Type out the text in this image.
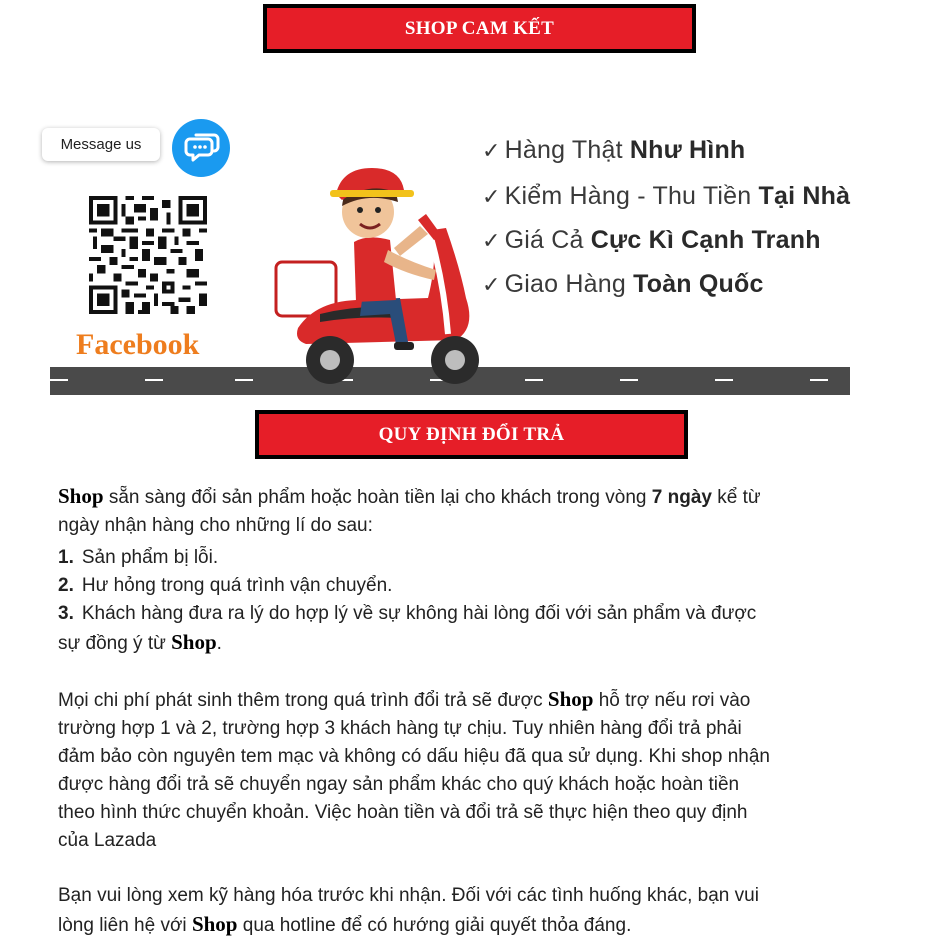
SHOP CAM KẾT
Message us
Facebook
✓ Hàng Thật Như Hình
✓ Kiểm Hàng - Thu Tiền Tại Nhà
✓ Giá Cả Cực Kì Cạnh Tranh
✓ Giao Hàng Toàn Quốc
QUY ĐỊNH ĐỔI TRẢ
Shop sẵn sàng đổi sản phẩm hoặc hoàn tiền lại cho khách trong vòng 7 ngày kể từ
ngày nhận hàng cho những lí do sau:
1. Sản phẩm bị lỗi.
2. Hư hỏng trong quá trình vận chuyển.
3. Khách hàng đưa ra lý do hợp lý về sự không hài lòng đối với sản phẩm và được
sự đồng ý từ Shop.
Mọi chi phí phát sinh thêm trong quá trình đổi trả sẽ được Shop hỗ trợ nếu rơi vào
trường hợp 1 và 2, trường hợp 3 khách hàng tự chịu. Tuy nhiên hàng đổi trả phải
đảm bảo còn nguyên tem mạc và không có dấu hiệu đã qua sử dụng. Khi shop nhận
được hàng đổi trả sẽ chuyển ngay sản phẩm khác cho quý khách hoặc hoàn tiền
theo hình thức chuyển khoản. Việc hoàn tiền và đổi trả sẽ thực hiện theo quy định
của Lazada
Bạn vui lòng xem kỹ hàng hóa trước khi nhận. Đối với các tình huống khác, bạn vui
lòng liên hệ với Shop qua hotline để có hướng giải quyết thỏa đáng.
